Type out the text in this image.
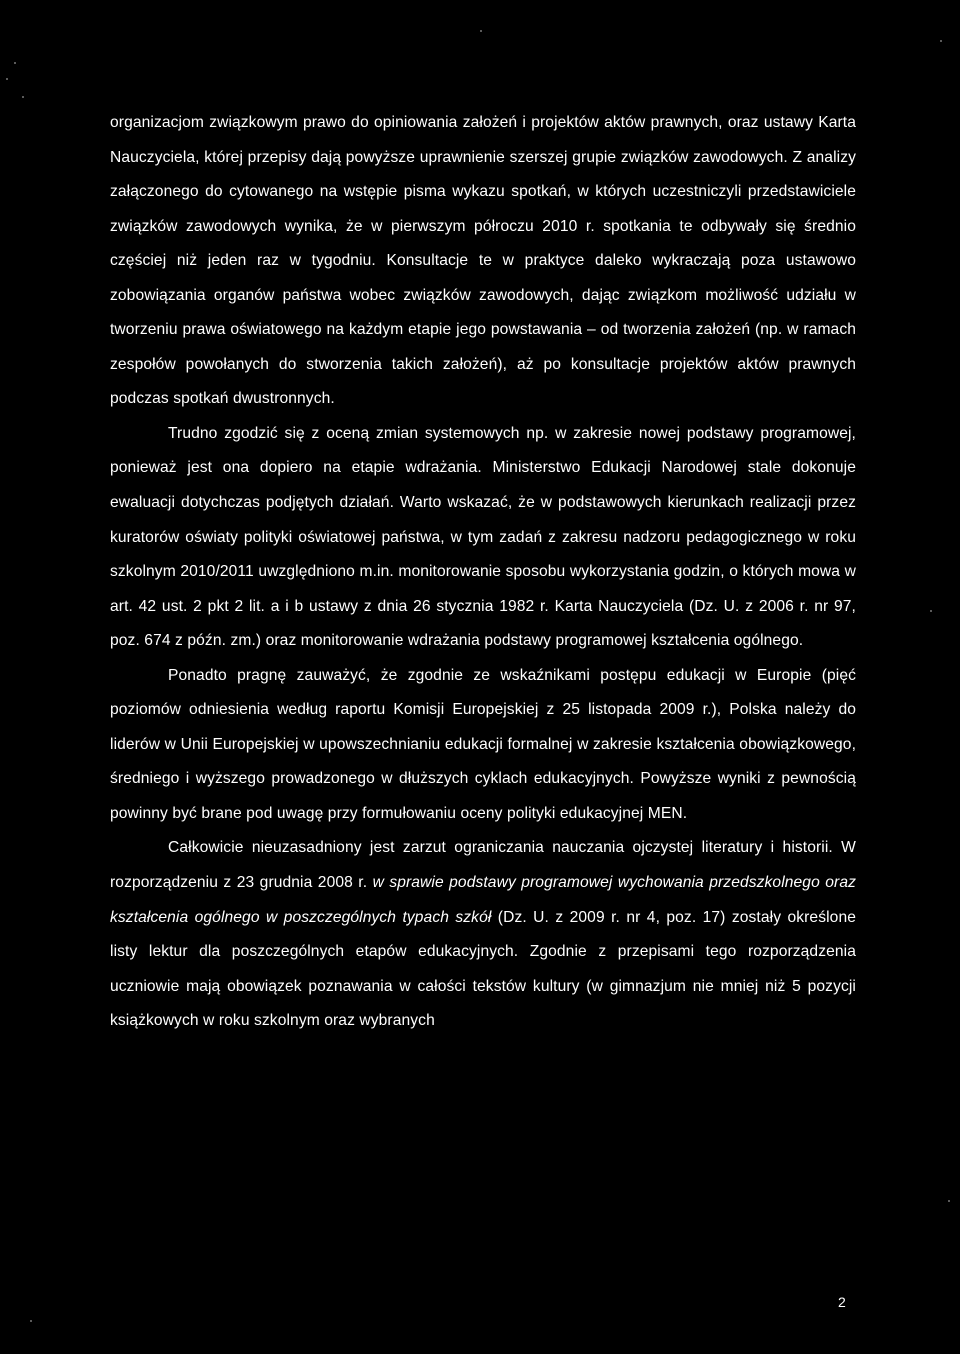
organizacjom związkowym prawo do opiniowania założeń i projektów aktów prawnych, oraz ustawy Karta Nauczyciela, której przepisy dają powyższe uprawnienie szerszej grupie związków zawodowych. Z analizy załączonego do cytowanego na wstępie pisma wykazu spotkań, w których uczestniczyli przedstawiciele związków zawodowych wynika, że w pierwszym półroczu 2010 r. spotkania te odbywały się średnio częściej niż jeden raz w tygodniu. Konsultacje te w praktyce daleko wykraczają poza ustawowo zobowiązania organów państwa wobec związków zawodowych, dając związkom możliwość udziału w tworzeniu prawa oświatowego na każdym etapie jego powstawania – od tworzenia założeń (np. w ramach zespołów powołanych do stworzenia takich założeń), aż po konsultacje projektów aktów prawnych podczas spotkań dwustronnych.

Trudno zgodzić się z oceną zmian systemowych np. w zakresie nowej podstawy programowej, ponieważ jest ona dopiero na etapie wdrażania. Ministerstwo Edukacji Narodowej stale dokonuje ewaluacji dotychczas podjętych działań. Warto wskazać, że w podstawowych kierunkach realizacji przez kuratorów oświaty polityki oświatowej państwa, w tym zadań z zakresu nadzoru pedagogicznego w roku szkolnym 2010/2011 uwzględniono m.in. monitorowanie sposobu wykorzystania godzin, o których mowa w art. 42 ust. 2 pkt 2 lit. a i b ustawy z dnia 26 stycznia 1982 r. Karta Nauczyciela (Dz. U. z 2006 r. nr 97, poz. 674 z późn. zm.) oraz monitorowanie wdrażania podstawy programowej kształcenia ogólnego.

Ponadto pragnę zauważyć, że zgodnie ze wskaźnikami postępu edukacji w Europie (pięć poziomów odniesienia według raportu Komisji Europejskiej z 25 listopada 2009 r.), Polska należy do liderów w Unii Europejskiej w upowszechnianiu edukacji formalnej w zakresie kształcenia obowiązkowego, średniego i wyższego prowadzonego w dłuższych cyklach edukacyjnych. Powyższe wyniki z pewnością powinny być brane pod uwagę przy formułowaniu oceny polityki edukacyjnej MEN.

Całkowicie nieuzasadniony jest zarzut ograniczania nauczania ojczystej literatury i historii. W rozporządzeniu z 23 grudnia 2008 r. w sprawie podstawy programowej wychowania przedszkolnego oraz kształcenia ogólnego w poszczególnych typach szkół (Dz. U. z 2009 r. nr 4, poz. 17) zostały określone listy lektur dla poszczególnych etapów edukacyjnych. Zgodnie z przepisami tego rozporządzenia uczniowie mają obowiązek poznawania w całości tekstów kultury (w gimnazjum nie mniej niż 5 pozycji książkowych w roku szkolnym oraz wybranych

2
